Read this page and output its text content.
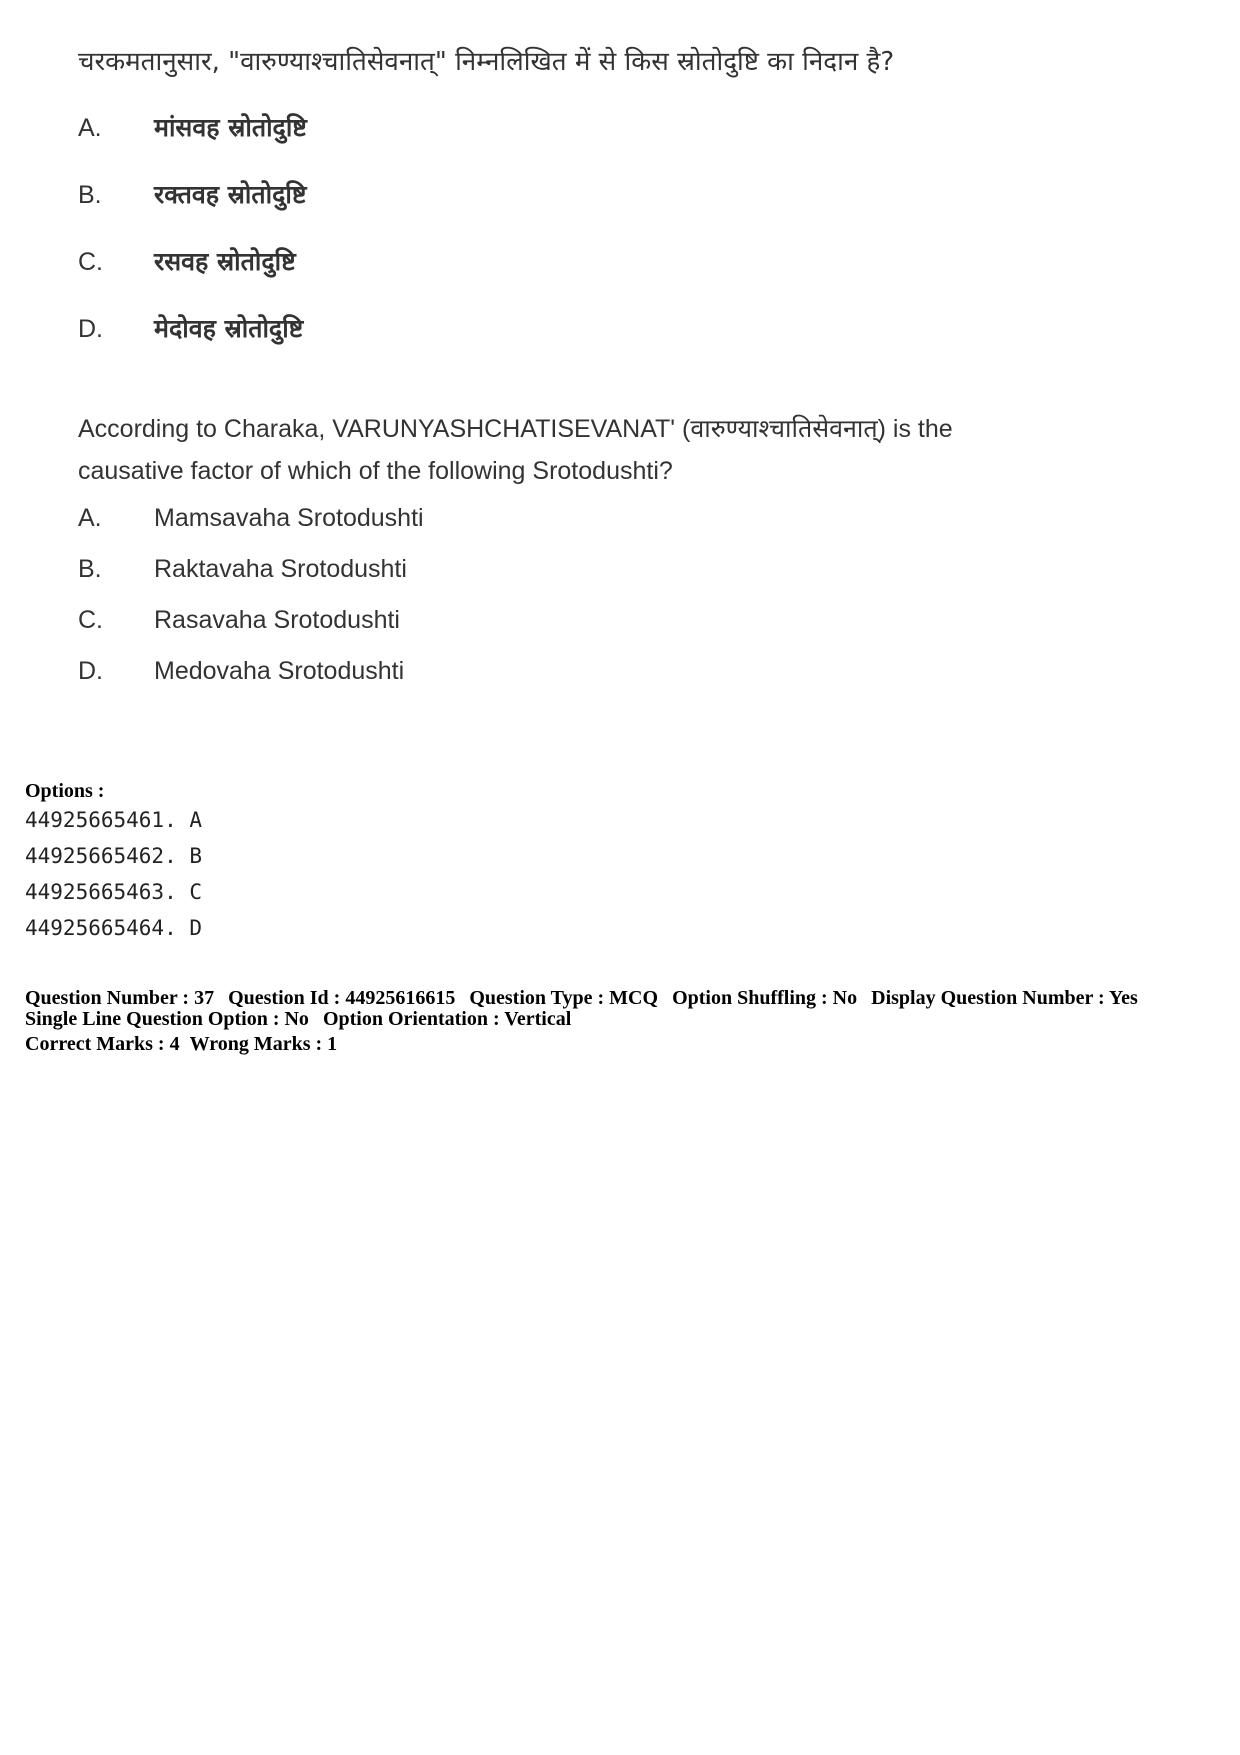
चरकमतानुसार, "वारुण्याश्चातिसेवनात्" निम्नलिखित में से किस स्रोतोदुष्टि का निदान है?
A. मांसवह स्रोतोदुष्टि
B. रक्तवह स्रोतोदुष्टि
C. रसवह स्रोतोदुष्टि
D. मेदोवह स्रोतोदुष्टि
According to Charaka, VARUNYASHCHATISEVANAT' (वारुण्याश्चातिसेवनात्) is the
causative factor of which of the following Srotodushti?
A. Mamsavaha Srotodushti
B. Raktavaha Srotodushti
C. Rasavaha Srotodushti
D. Medovaha Srotodushti
Options :
44925665461. A
44925665462. B
44925665463. C
44925665464. D
Question Number : 37 Question Id : 44925616615 Question Type : MCQ Option Shuffling : No Display Question Number : Yes
Single Line Question Option : No Option Orientation : Vertical
Correct Marks : 4 Wrong Marks : 1
